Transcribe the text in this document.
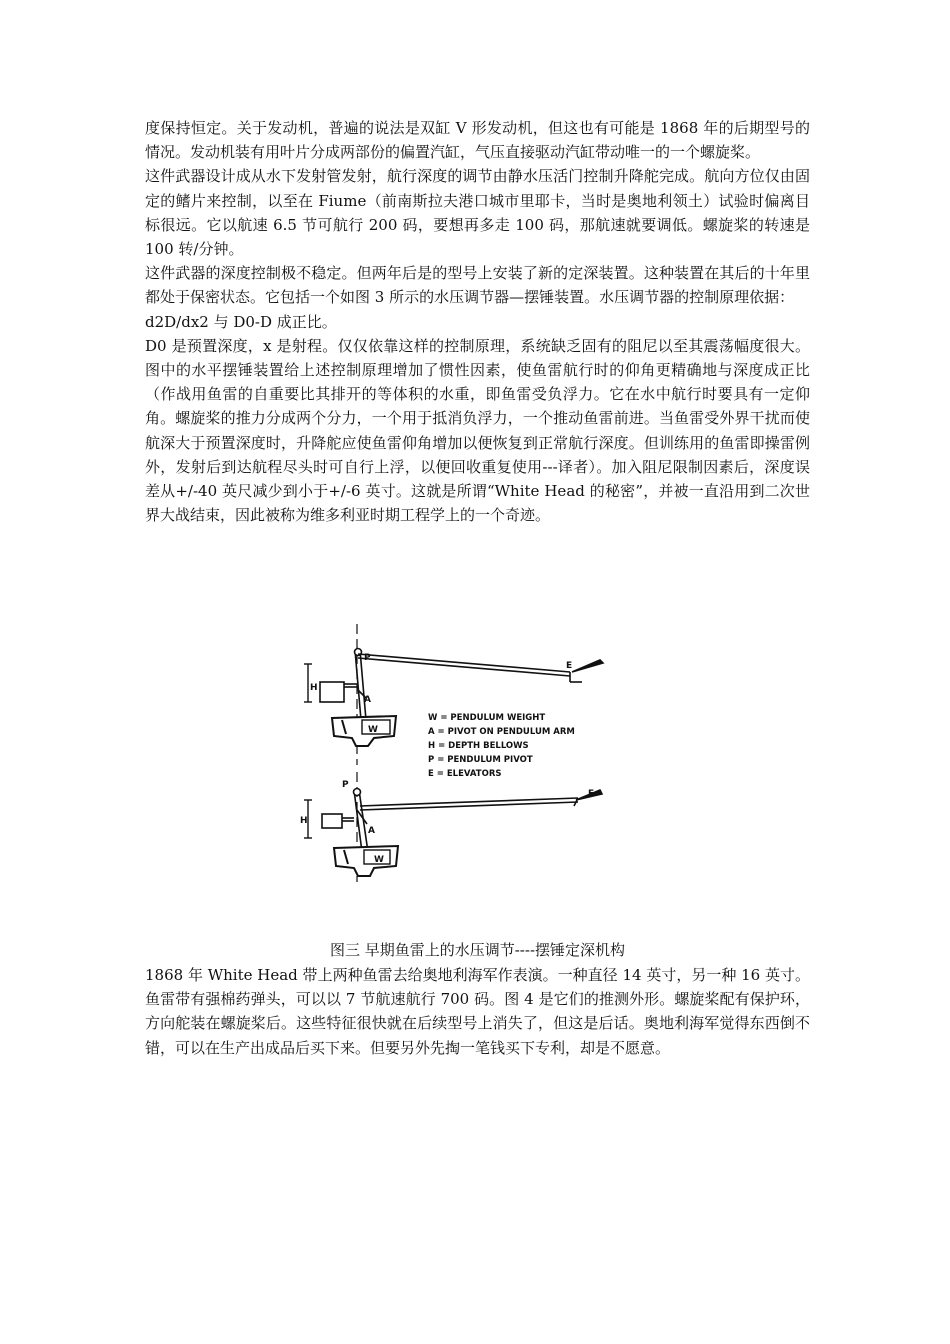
度保持恒定。关于发动机，普遍的说法是双缸 V 形发动机，但这也有可能是 1868 年的后期型号的情况。发动机装有用叶片分成两部份的偏置汽缸，气压直接驱动汽缸带动唯一的一个螺旋桨。

这件武器设计成从水下发射管发射，航行深度的调节由静水压活门控制升降舵完成。航向方位仅由固定的鳍片来控制，以至在 Fiume（前南斯拉夫港口城市里耶卡，当时是奥地利领土）试验时偏离目标很远。它以航速 6.5 节可航行 200 码，要想再多走 100 码，那航速就要调低。螺旋桨的转速是 100 转/分钟。

这件武器的深度控制极不稳定。但两年后是的型号上安装了新的定深装置。这种装置在其后的十年里都处于保密状态。它包括一个如图 3 所示的水压调节器—摆锤装置。水压调节器的控制原理依据：

d2D/dx2 与 D0-D 成正比。

D0 是预置深度，x 是射程。仅仅依靠这样的控制原理，系统缺乏固有的阻尼以至其震荡幅度很大。图中的水平摆锤装置给上述控制原理增加了惯性因素，使鱼雷航行时的仰角更精确地与深度成正比（作战用鱼雷的自重要比其排开的等体积的水重，即鱼雷受负浮力。它在水中航行时要具有一定仰角。螺旋桨的推力分成两个分力，一个用于抵消负浮力，一个推动鱼雷前进。当鱼雷受外界干扰而使航深大于预置深度时，升降舵应使鱼雷仰角增加以便恢复到正常航行深度。但训练用的鱼雷即操雷例外，发射后到达航程尽头时可自行上浮，以便回收重复使用---译者）。加入阻尼限制因素后，深度误差从+/-40 英尺减少到小于+/-6 英寸。这就是所谓“White Head 的秘密”，并被一直沿用到二次世界大战结束，因此被称为维多利亚时期工程学上的一个奇迹。

P
A
H
W
E
P
A
H
W
E
W = PENDULUM WEIGHT
A = PIVOT ON PENDULUM ARM
H = DEPTH BELLOWS
P = PENDULUM PIVOT
E = ELEVATORS
图三 早期鱼雷上的水压调节----摆锤定深机构

1868 年 White Head 带上两种鱼雷去给奥地利海军作表演。一种直径 14 英寸，另一种 16 英寸。鱼雷带有强棉药弹头，可以以 7 节航速航行 700 码。图 4 是它们的推测外形。螺旋桨配有保护环，方向舵装在螺旋桨后。这些特征很快就在后续型号上消失了，但这是后话。奥地利海军觉得东西倒不错，可以在生产出成品后买下来。但要另外先掏一笔钱买下专利，却是不愿意。
